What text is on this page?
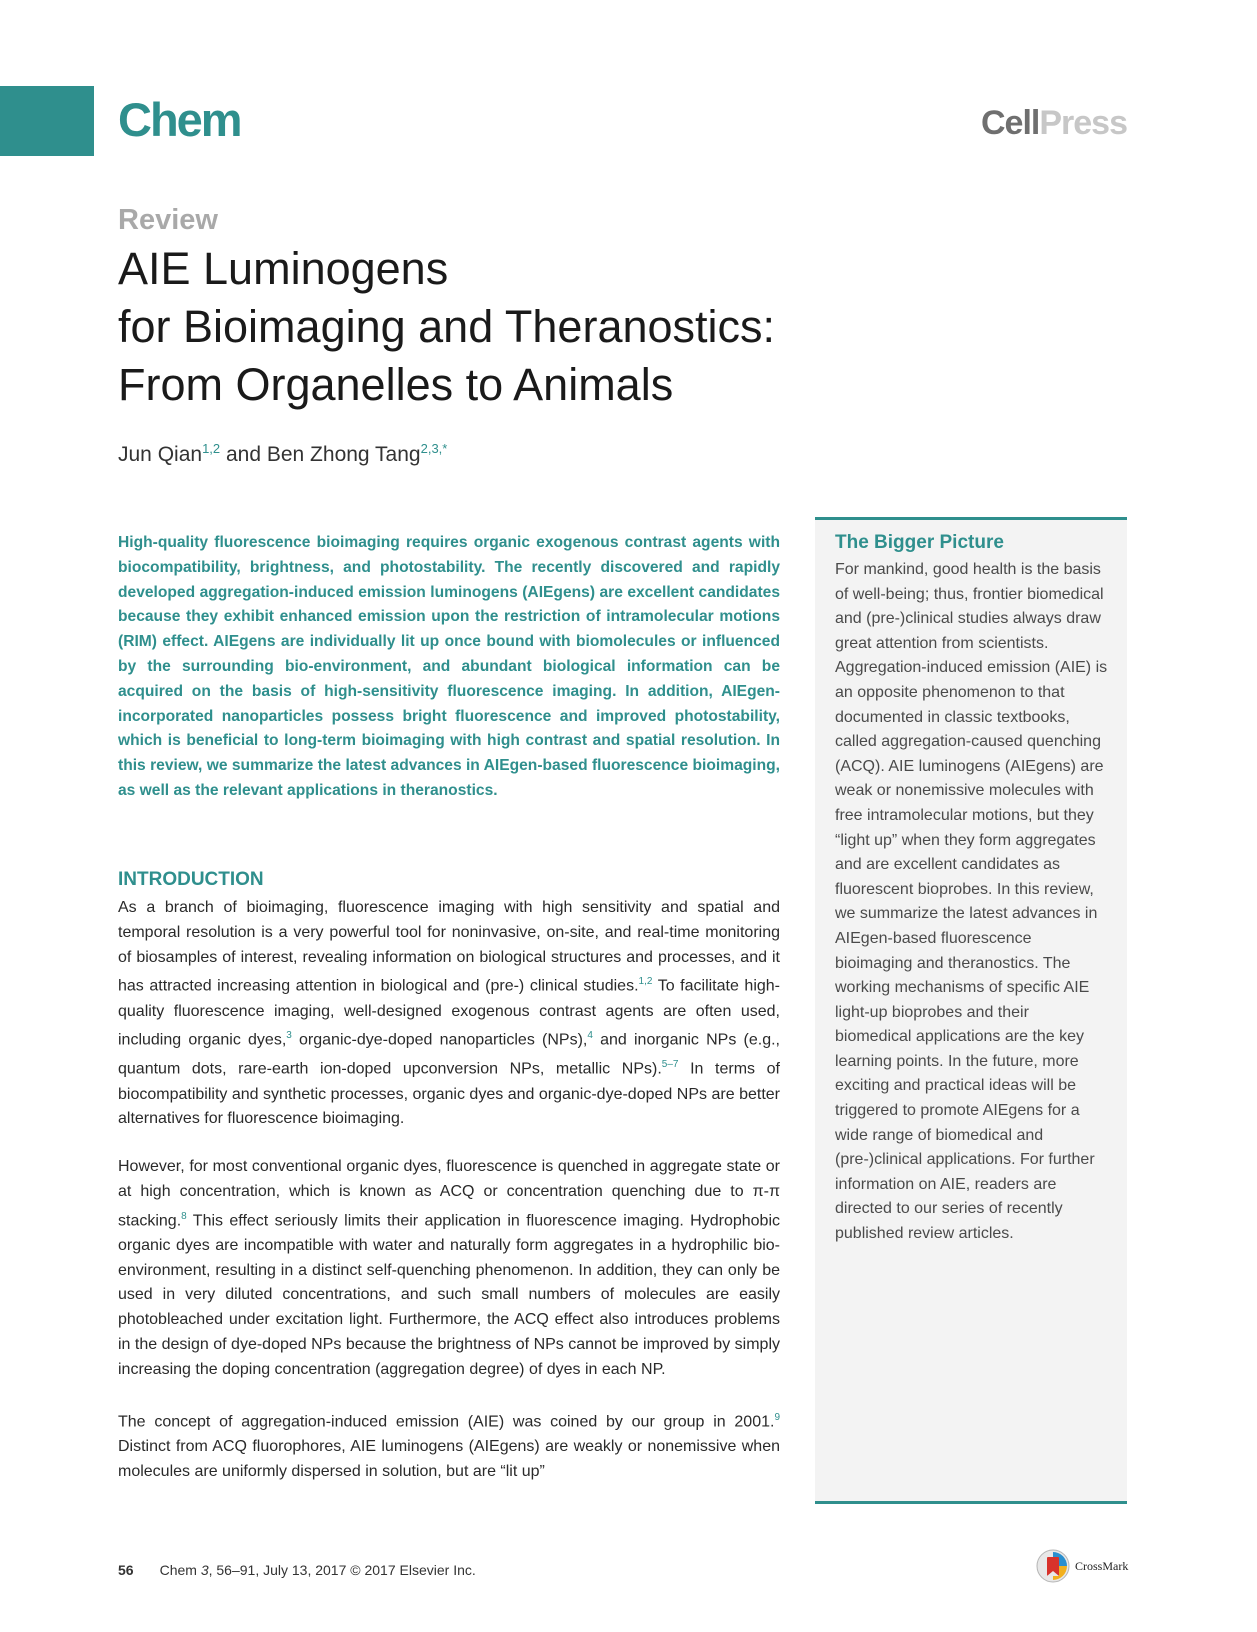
Chem	CellPress
Review
AIE Luminogens
for Bioimaging and Theranostics:
From Organelles to Animals
Jun Qian$^{1,2}$ and Ben Zhong Tang$^{2,3,*}$
High-quality fluorescence bioimaging requires organic exogenous contrast agents with biocompatibility, brightness, and photostability. The recently discovered and rapidly developed aggregation-induced emission luminogens (AIEgens) are excellent candidates because they exhibit enhanced emission upon the restriction of intramolecular motions (RIM) effect. AIEgens are individually lit up once bound with biomolecules or influenced by the surrounding bio-environment, and abundant biological information can be acquired on the basis of high-sensitivity fluorescence imaging. In addition, AIEgen-incorporated nanoparticles possess bright fluorescence and improved photostability, which is beneficial to long-term bioimaging with high contrast and spatial resolution. In this review, we summarize the latest advances in AIEgen-based fluorescence bioimaging, as well as the relevant applications in theranostics.
INTRODUCTION

As a branch of bioimaging, fluorescence imaging with high sensitivity and spatial and temporal resolution is a very powerful tool for noninvasive, on-site, and real-time monitoring of biosamples of interest, revealing information on biological structures and processes, and it has attracted increasing attention in biological and (pre-) clinical studies.$^{1,2}$ To facilitate high-quality fluorescence imaging, well-designed exogenous contrast agents are often used, including organic dyes,$^3$ organic-dye-doped nanoparticles (NPs),$^4$ and inorganic NPs (e.g., quantum dots, rare-earth ion-doped upconversion NPs, metallic NPs).$^{5-7}$ In terms of biocompatibility and synthetic processes, organic dyes and organic-dye-doped NPs are better alternatives for fluorescence bioimaging.

However, for most conventional organic dyes, fluorescence is quenched in aggregate state or at high concentration, which is known as ACQ or concentration quenching due to π-π stacking.$^8$ This effect seriously limits their application in fluorescence imaging. Hydrophobic organic dyes are incompatible with water and naturally form aggregates in a hydrophilic bio-environment, resulting in a distinct self-quenching phenomenon. In addition, they can only be used in very diluted concentrations, and such small numbers of molecules are easily photobleached under excitation light. Furthermore, the ACQ effect also introduces problems in the design of dye-doped NPs because the brightness of NPs cannot be improved by simply increasing the doping concentration (aggregation degree) of dyes in each NP.

The concept of aggregation-induced emission (AIE) was coined by our group in 2001.$^9$ Distinct from ACQ fluorophores, AIE luminogens (AIEgens) are weakly or nonemissive when molecules are uniformly dispersed in solution, but are “lit up”

The Bigger Picture
For mankind, good health is the basis of well-being; thus, frontier biomedical and (pre-)clinical studies always draw great attention from scientists. Aggregation-induced emission (AIE) is an opposite phenomenon to that documented in classic textbooks, called aggregation-caused quenching (ACQ). AIE luminogens (AIEgens) are weak or nonemissive molecules with free intramolecular motions, but they “light up” when they form aggregates and are excellent candidates as fluorescent bioprobes. In this review, we summarize the latest advances in AIEgen-based fluorescence bioimaging and theranostics. The working mechanisms of specific AIE light-up bioprobes and their biomedical applications are the key learning points. In the future, more exciting and practical ideas will be triggered to promote AIEgens for a wide range of biomedical and (pre-)clinical applications. For further information on AIE, readers are directed to our series of recently published review articles.
56 Chem 3, 56–91, July 13, 2017 © 2017 Elsevier Inc.	CrossMark
